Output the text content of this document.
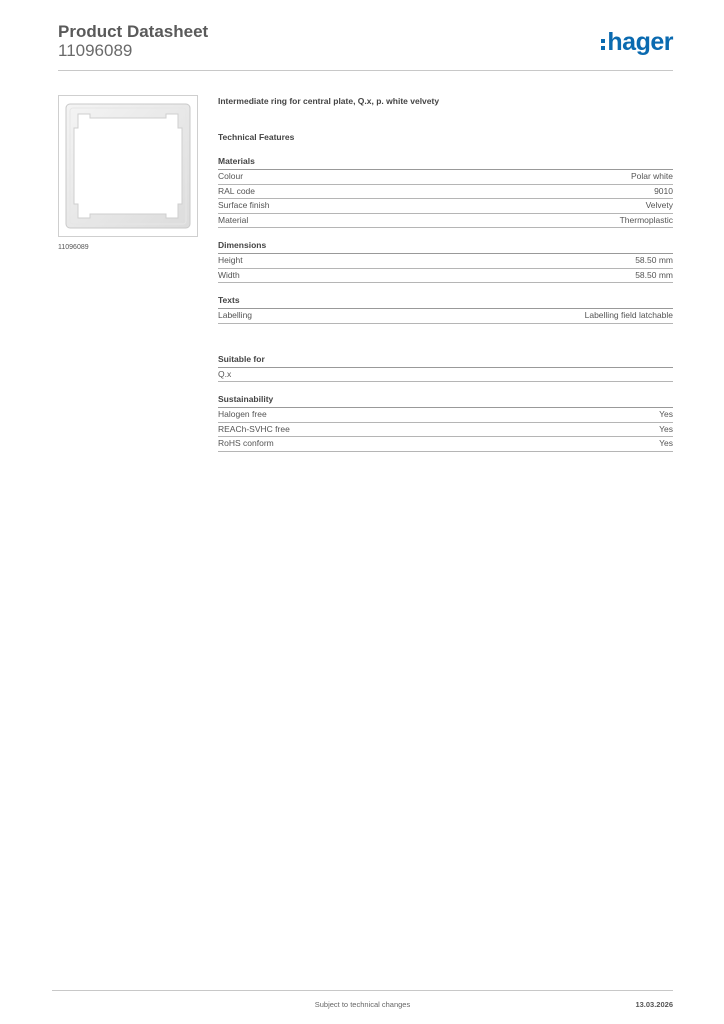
Product Datasheet
11096089	hager
11096089
Intermediate ring for central plate, Q.x, p. white velvety
Technical Features
Materials
Colour	Polar white
RAL code	9010
Surface finish	Velvety
Material	Thermoplastic
Dimensions
Height	58.50 mm
Width	58.50 mm
Texts
Labelling	Labelling field latchable
Suitable for
Q.x
Sustainability
Halogen free	Yes
REACh-SVHC free	Yes
RoHS conform	Yes
Subject to technical changes	13.03.2026
